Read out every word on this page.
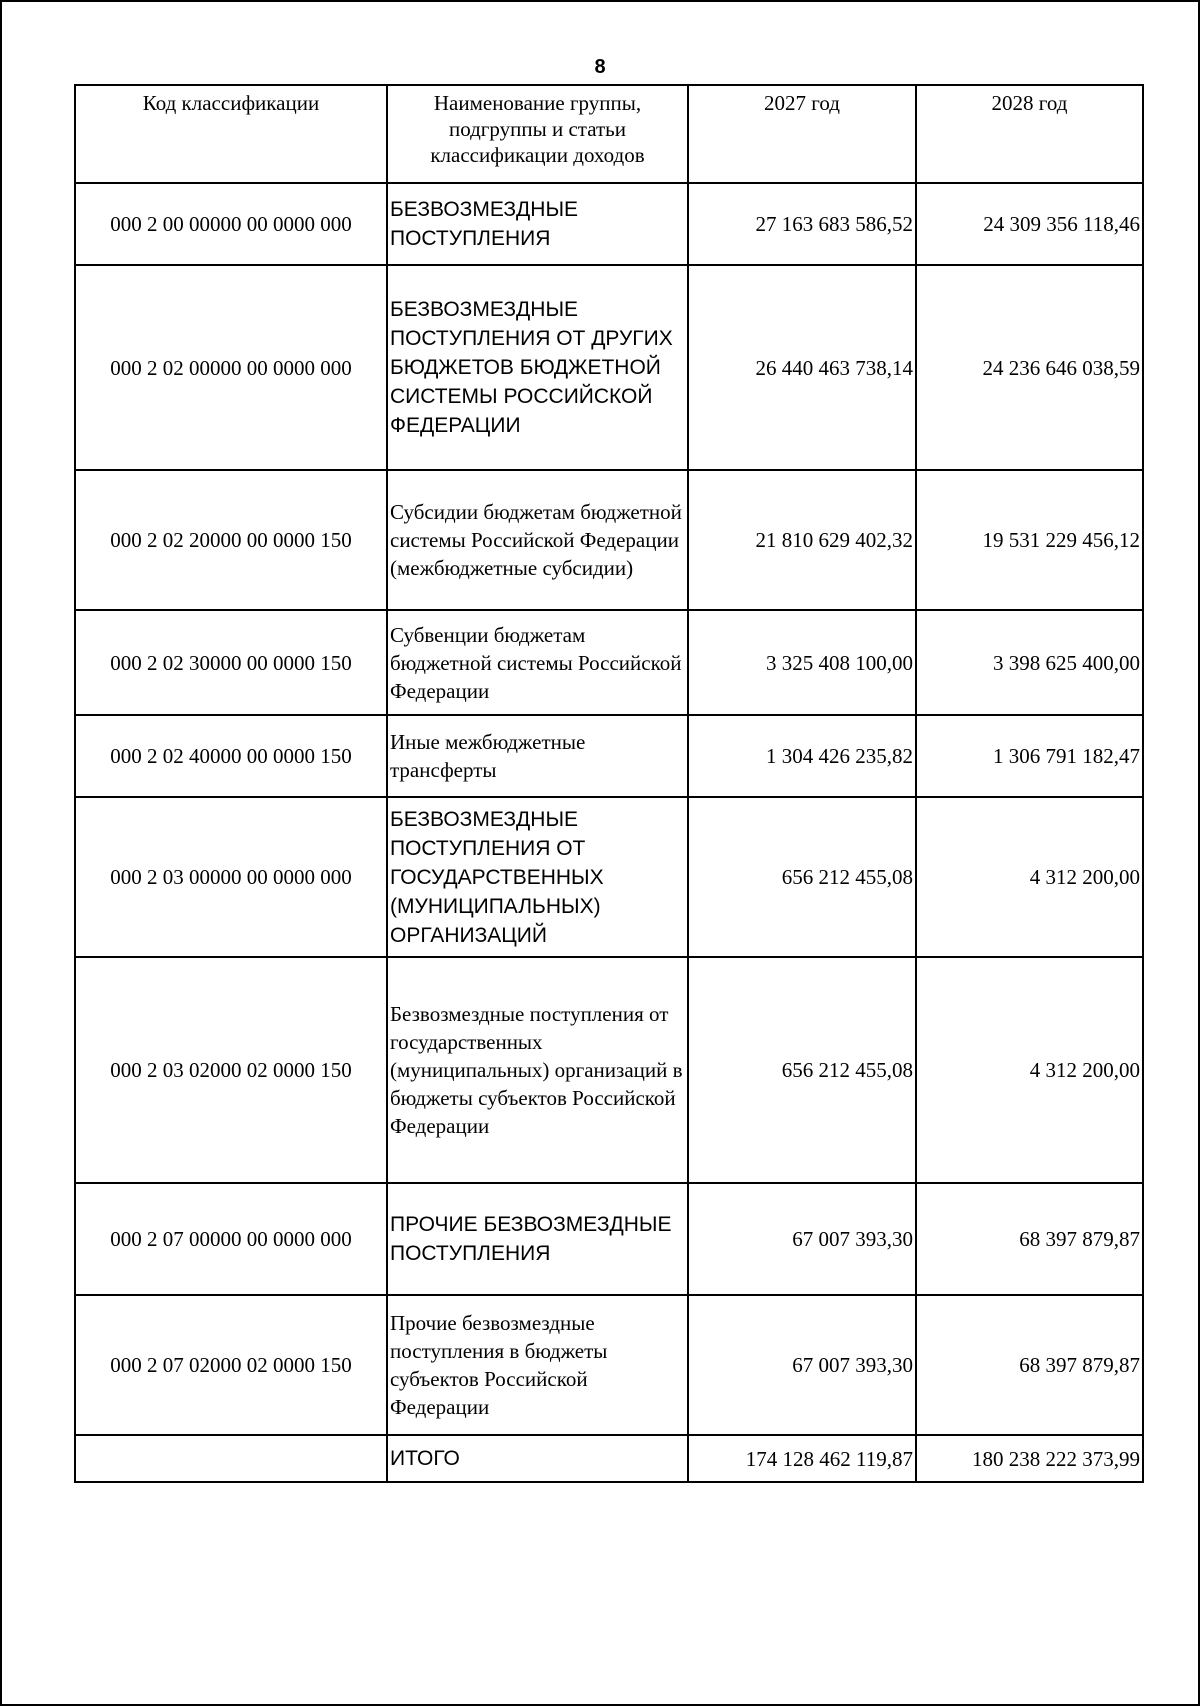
8
Код классификации	Наименование группы, подгруппы и статьи классификации доходов	2027 год	2028 год
000 2 00 00000 00 0000 000	БЕЗВОЗМЕЗДНЫЕ ПОСТУПЛЕНИЯ	27 163 683 586,52	24 309 356 118,46
000 2 02 00000 00 0000 000	БЕЗВОЗМЕЗДНЫЕ ПОСТУПЛЕНИЯ ОТ ДРУГИХ БЮДЖЕТОВ БЮДЖЕТНОЙ СИСТЕМЫ РОССИЙСКОЙ ФЕДЕРАЦИИ	26 440 463 738,14	24 236 646 038,59
000 2 02 20000 00 0000 150	Субсидии бюджетам бюджетной системы Российской Федерации (межбюджетные субсидии)	21 810 629 402,32	19 531 229 456,12
000 2 02 30000 00 0000 150	Субвенции бюджетам бюджетной системы Российской Федерации	3 325 408 100,00	3 398 625 400,00
000 2 02 40000 00 0000 150	Иные межбюджетные трансферты	1 304 426 235,82	1 306 791 182,47
000 2 03 00000 00 0000 000	БЕЗВОЗМЕЗДНЫЕ ПОСТУПЛЕНИЯ ОТ ГОСУДАРСТВЕННЫХ (МУНИЦИПАЛЬНЫХ) ОРГАНИЗАЦИЙ	656 212 455,08	4 312 200,00
000 2 03 02000 02 0000 150	Безвозмездные поступления от государственных (муниципальных) организаций в бюджеты субъектов Российской Федерации	656 212 455,08	4 312 200,00
000 2 07 00000 00 0000 000	ПРОЧИЕ БЕЗВОЗМЕЗДНЫЕ ПОСТУПЛЕНИЯ	67 007 393,30	68 397 879,87
000 2 07 02000 02 0000 150	Прочие безвозмездные поступления в бюджеты субъектов Российской Федерации	67 007 393,30	68 397 879,87
	ИТОГО	174 128 462 119,87	180 238 222 373,99
